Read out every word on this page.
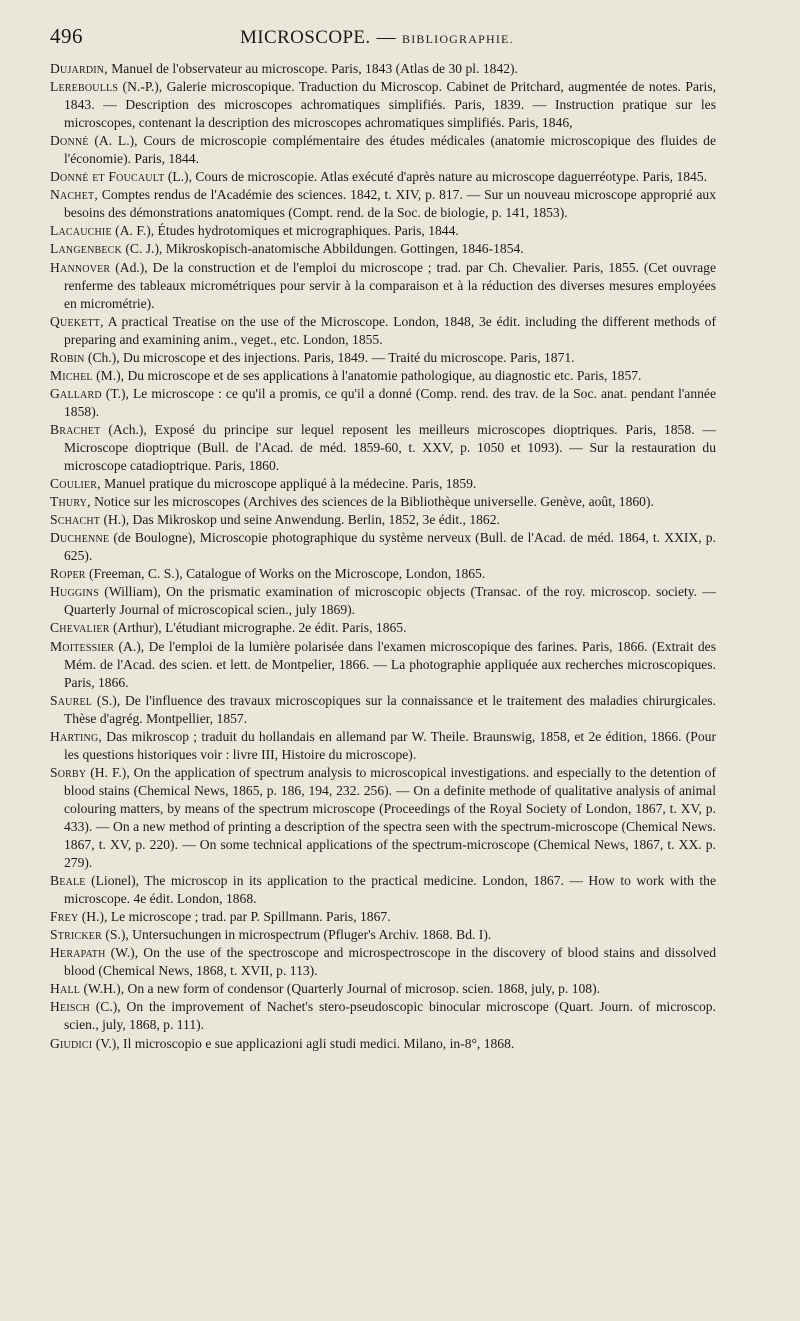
496	MICROSCOPE. — BIBLIOGRAPHIE.

Dujardin, Manuel de l'observateur au microscope. Paris, 1843 (Atlas de 30 pl. 1842).

Lereboulls (N.-P.), Galerie microscopique. Traduction du Microscop. Cabinet de Pritchard, augmentée de notes. Paris, 1843. — Description des microscopes achromatiques simplifiés. Paris, 1839. — Instruction pratique sur les microscopes, contenant la description des microscopes achromatiques simplifiés. Paris, 1846,

Donné (A. L.), Cours de microscopie complémentaire des études médicales (anatomie microscopique des fluides de l'économie). Paris, 1844.

Donné et Foucault (L.), Cours de microscopie. Atlas exécuté d'après nature au microscope daguerréotype. Paris, 1845.

Nachet, Comptes rendus de l'Académie des sciences. 1842, t. XIV, p. 817. — Sur un nouveau microscope approprié aux besoins des démonstrations anatomiques (Compt. rend. de la Soc. de biologie, p. 141, 1853).

Lacauchie (A. F.), Études hydrotomiques et micrographiques. Paris, 1844.

Langenbeck (C. J.), Mikroskopisch-anatomische Abbildungen. Gottingen, 1846-1854.

Hannover (Ad.), De la construction et de l'emploi du microscope ; trad. par Ch. Chevalier. Paris, 1855. (Cet ouvrage renferme des tableaux micrométriques pour servir à la comparaison et à la réduction des diverses mesures employées en micrométrie).

Quekett, A practical Treatise on the use of the Microscope. London, 1848, 3e édit. including the different methods of preparing and examining anim., veget., etc. London, 1855.

Robin (Ch.), Du microscope et des injections. Paris, 1849. — Traité du microscope. Paris, 1871.

Michel (M.), Du microscope et de ses applications à l'anatomie pathologique, au diagnostic etc. Paris, 1857.

Gallard (T.), Le microscope : ce qu'il a promis, ce qu'il a donné (Comp. rend. des trav. de la Soc. anat. pendant l'année 1858).

Brachet (Ach.), Exposé du principe sur lequel reposent les meilleurs microscopes dioptriques. Paris, 1858. — Microscope dioptrique (Bull. de l'Acad. de méd. 1859-60, t. XXV, p. 1050 et 1093). — Sur la restauration du microscope catadioptrique. Paris, 1860.

Coulier, Manuel pratique du microscope appliqué à la médecine. Paris, 1859.

Thury, Notice sur les microscopes (Archives des sciences de la Bibliothèque universelle. Genève, août, 1860).

Schacht (H.), Das Mikroskop und seine Anwendung. Berlin, 1852, 3e édit., 1862.

Duchenne (de Boulogne), Microscopie photographique du système nerveux (Bull. de l'Acad. de méd. 1864, t. XXIX, p. 625).

Roper (Freeman, C. S.), Catalogue of Works on the Microscope, London, 1865.

Huggins (William), On the prismatic examination of microscopic objects (Transac. of the roy. microscop. society. — Quarterly Journal of microscopical scien., july 1869).

Chevalier (Arthur), L'étudiant micrographe. 2e édit. Paris, 1865.

Moitessier (A.), De l'emploi de la lumière polarisée dans l'examen microscopique des farines. Paris, 1866. (Extrait des Mém. de l'Acad. des scien. et lett. de Montpelier, 1866. — La photographie appliquée aux recherches microscopiques. Paris, 1866.

Saurel (S.), De l'influence des travaux microscopiques sur la connaissance et le traitement des maladies chirurgicales. Thèse d'agrég. Montpellier, 1857.

Harting, Das mikroscop ; traduit du hollandais en allemand par W. Theile. Braunswig, 1858, et 2e édition, 1866. (Pour les questions historiques voir : livre III, Histoire du microscope).

Sorby (H. F.), On the application of spectrum analysis to microscopical investigations. and especially to the detention of blood stains (Chemical News, 1865, p. 186, 194, 232. 256). — On a definite methode of qualitative analysis of animal colouring matters, by means of the spectrum microscope (Proceedings of the Royal Society of London, 1867, t. XV, p. 433). — On a new method of printing a description of the spectra seen with the spectrum-microscope (Chemical News. 1867, t. XV, p. 220). — On some technical applications of the spectrum-microscope (Chemical News, 1867, t. XX. p. 279).

Beale (Lionel), The microscop in its application to the practical medicine. London, 1867. — How to work with the microscope. 4e édit. London, 1868.

Frey (H.), Le microscope ; trad. par P. Spillmann. Paris, 1867.

Stricker (S.), Untersuchungen in microspectrum (Pfluger's Archiv. 1868. Bd. I).

Herapath (W.), On the use of the spectroscope and microspectroscope in the discovery of blood stains and dissolved blood (Chemical News, 1868, t. XVII, p. 113).

Hall (W.H.), On a new form of condensor (Quarterly Journal of microsop. scien. 1868, july, p. 108).

Heisch (C.), On the improvement of Nachet's stero-pseudoscopic binocular microscope (Quart. Journ. of microscop. scien., july, 1868, p. 111).

Giudici (V.), Il microscopio e sue applicazioni agli studi medici. Milano, in-8°, 1868.
